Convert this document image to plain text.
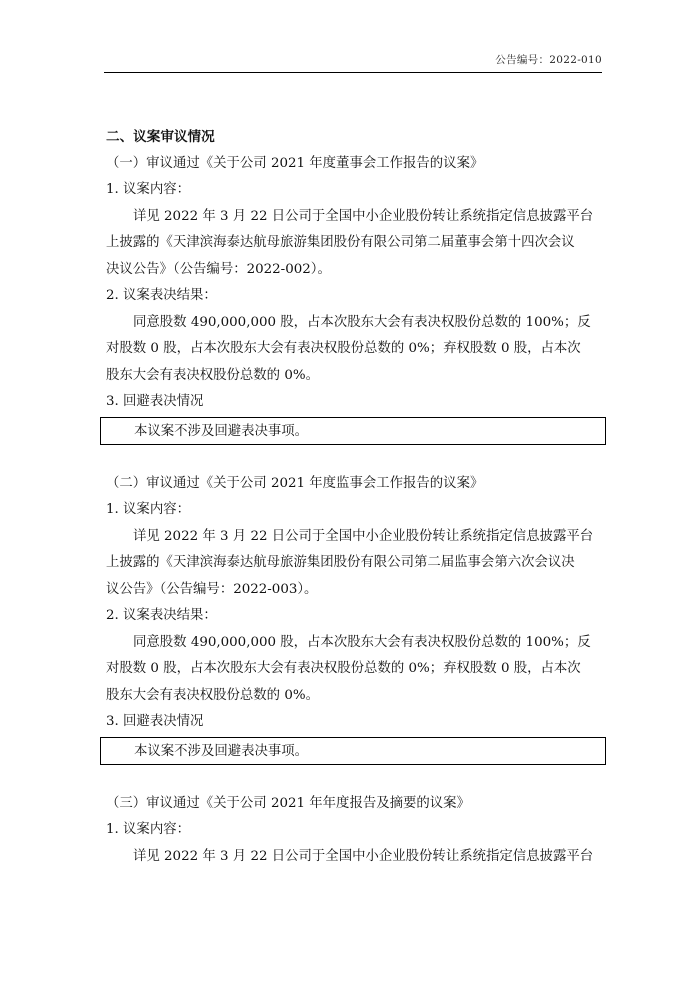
公告编号：2022-010
二、议案审议情况
（一）审议通过《关于公司 2021 年度董事会工作报告的议案》
1. 议案内容：
详见 2022 年 3 月 22 日公司于全国中小企业股份转让系统指定信息披露平台
上披露的《天津滨海泰达航母旅游集团股份有限公司第二届董事会第十四次会议
决议公告》（公告编号：2022-002）。
2. 议案表决结果：
同意股数 490,000,000 股，占本次股东大会有表决权股份总数的 100%；反
对股数 0 股，占本次股东大会有表决权股份总数的 0%；弃权股数 0 股，占本次
股东大会有表决权股份总数的 0%。
3. 回避表决情况
本议案不涉及回避表决事项。
（二）审议通过《关于公司 2021 年度监事会工作报告的议案》
1. 议案内容：
详见 2022 年 3 月 22 日公司于全国中小企业股份转让系统指定信息披露平台
上披露的《天津滨海泰达航母旅游集团股份有限公司第二届监事会第六次会议决
议公告》（公告编号：2022-003）。
2. 议案表决结果：
同意股数 490,000,000 股，占本次股东大会有表决权股份总数的 100%；反
对股数 0 股，占本次股东大会有表决权股份总数的 0%；弃权股数 0 股，占本次
股东大会有表决权股份总数的 0%。
3. 回避表决情况
本议案不涉及回避表决事项。
（三）审议通过《关于公司 2021 年年度报告及摘要的议案》
1. 议案内容：
详见 2022 年 3 月 22 日公司于全国中小企业股份转让系统指定信息披露平台
